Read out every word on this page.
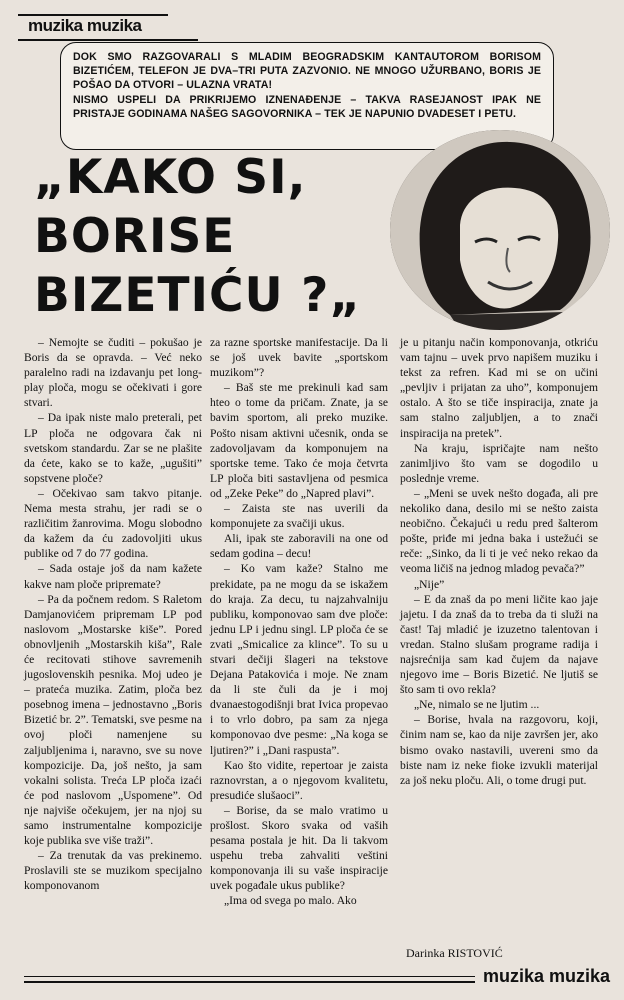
muzika muzika

DOK SMO RAZGOVARALI S MLADIM BEOGRADSKIM KANTAUTOROM BORISOM BIZETIĆEM, TELEFON JE DVA–TRI PUTA ZAZVONIO. NE MNOGO UŽURBANO, BORIS JE POŠAO DA OTVORI – ULAZNA VRATA!

NISMO USPELI DA PRIKRIJEMO IZNENAĐENJE – TAKVA RASEJANOST IPAK NE PRISTAJE GODINAMA NAŠEG SAGOVORNIKA – TEK JE NAPUNIO DVADESET I PETU.

„KAKO SI,
BORISE
BIZETIĆU ?„

– Nemojte se čuditi – pokušao je Boris da se opravda. – Već neko paralelno radi na izdavanju pet long-play ploča, mogu se očekivati i gore stvari.

– Da ipak niste malo preterali, pet LP ploča ne odgovara čak ni svetskom standardu. Zar se ne plašite da ćete, kako se to kaže, „ugušiti” sopstvene ploče?

– Očekivao sam takvo pitanje. Nema mesta strahu, jer radi se o različitim žanrovima. Mogu slobodno da kažem da ću zadovoljiti ukus publike od 7 do 77 godina.

– Sada ostaje još da nam kažete kakve nam ploče pripremate?

– Pa da počnem redom. S Raletom Damjanovićem pripremam LP pod naslovom „Mostarske kiše”. Pored obnovljenih „Mostarskih kiša”, Rale će recitovati stihove savremenih jugoslovenskih pesnika. Moj udeo je – prateća muzika. Zatim, ploča bez posebnog imena – jednostavno „Boris Bizetić br. 2”. Tematski, sve pesme na ovoj ploči namenjene su zaljubljenima i, naravno, sve su nove kompozicije. Da, još nešto, ja sam vokalni solista. Treća LP ploča izaći će pod naslovom „Uspomene”. Od nje najviše očekujem, jer na njoj su samo instrumentalne kompozicije koje publika sve više traži”.

– Za trenutak da vas prekinemo. Proslavili ste se muzikom specijalno komponovanom

za razne sportske manifestacije. Da li se još uvek bavite „sportskom muzikom”?

– Baš ste me prekinuli kad sam hteo o tome da pričam. Znate, ja se bavim sportom, ali preko muzike. Pošto nisam aktivni učesnik, onda se zadovoljavam da komponujem na sportske teme. Tako će moja četvrta LP ploča biti sastavljena od pesmica od „Zeke Peke” do „Napred plavi”.

– Zaista ste nas uverili da komponujete za svačiji ukus.

Ali, ipak ste zaboravili na one od sedam godina – decu!

– Ko vam kaže? Stalno me prekidate, pa ne mogu da se iskažem do kraja. Za decu, tu najzahvalniju publiku, komponovao sam dve ploče: jednu LP i jednu singl. LP ploča će se zvati „Smicalice za klince”. To su u stvari dečiji šlageri na tekstove Dejana Patakovića i moje. Ne znam da li ste čuli da je i moj dvanaestogodišnji brat Ivica propevao i to vrlo dobro, pa sam za njega komponovao dve pesme: „Na koga se ljutiren?” i „Dani raspusta”.

Kao što vidite, repertoar je zaista raznovrstan, a o njegovom kvalitetu, presudiće slušaoci”.

– Borise, da se malo vratimo u prošlost. Skoro svaka od vaših pesama postala je hit. Da li takvom uspehu treba zahvaliti veštini komponovanja ili su vaše inspiracije uvek pogađale ukus publike?

„Ima od svega po malo. Ako

je u pitanju način komponovanja, otkriću vam tajnu – uvek prvo napišem muziku i tekst za refren. Kad mi se on učini „pevljiv i prijatan za uho”, komponujem ostalo. A što se tiče inspiracija, znate ja sam stalno zaljubljen, a to znači inspiracija na pretek”.

Na kraju, ispričajte nam nešto zanimljivo što vam se dogodilo u poslednje vreme.

– „Meni se uvek nešto događa, ali pre nekoliko dana, desilo mi se nešto zaista neobično. Čekajući u redu pred šalterom pošte, priđe mi jedna baka i ustežući se reče: „Sinko, da li ti je već neko rekao da veoma ličiš na jednog mladog pevača?”

„Nije”

– E da znaš da po meni ličite kao jaje jajetu. I da znaš da to treba da ti služi na čast! Taj mladić je izuzetno talentovan i vredan. Stalno slušam programe radija i najsrećnija sam kad čujem da najave njegovo ime – Boris Bizetić. Ne ljutiš se što sam ti ovo rekla?

„Ne, nimalo se ne ljutim ...

– Borise, hvala na razgovoru, koji, činim nam se, kao da nije završen jer, ako bismo ovako nastavili, uvereni smo da biste nam iz neke fioke izvukli materijal za još neku ploču. Ali, o tome drugi put.

Darinka RISTOVIĆ
muzika muzika
